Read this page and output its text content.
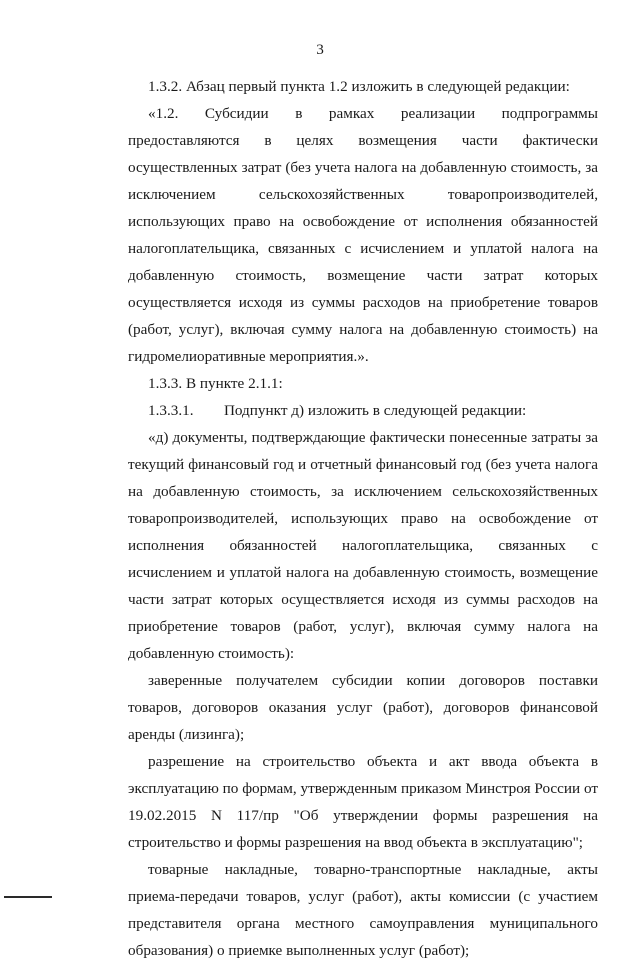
3

1.3.2. Абзац первый пункта 1.2 изложить в следующей редакции:

«1.2. Субсидии в рамках реализации подпрограммы предоставляются в целях возмещения части фактически осуществленных затрат (без учета налога на добавленную стоимость, за исключением сельскохозяйственных товаропроизводителей, использующих право на освобождение от исполнения обязанностей налогоплательщика, связанных с исчислением и уплатой налога на добавленную стоимость, возмещение части затрат которых осуществляется исходя из суммы расходов на приобретение товаров (работ, услуг), включая сумму налога на добавленную стоимость) на гидромелиоративные мероприятия.».

1.3.3. В пункте 2.1.1:

1.3.3.1.        Подпункт д) изложить в следующей редакции:

«д) документы, подтверждающие фактически понесенные затраты за текущий финансовый год и отчетный финансовый год (без учета налога на добавленную стоимость, за исключением сельскохозяйственных товаропроизводителей, использующих право на освобождение от исполнения обязанностей налогоплательщика, связанных с исчислением и уплатой налога на добавленную стоимость, возмещение части затрат которых осуществляется исходя из суммы расходов на приобретение товаров (работ, услуг), включая сумму налога на добавленную стоимость):

заверенные получателем субсидии копии договоров поставки товаров, договоров оказания услуг (работ), договоров финансовой аренды (лизинга);

разрешение на строительство объекта и акт ввода объекта в эксплуатацию по формам, утвержденным приказом Минстроя России от 19.02.2015 N 117/пр "Об утверждении формы разрешения на строительство и формы разрешения на ввод объекта в эксплуатацию";

товарные накладные, товарно-транспортные накладные, акты приема-передачи товаров, услуг (работ), акты комиссии (с участием представителя органа местного самоуправления муниципального образования) о приемке выполненных услуг (работ);
